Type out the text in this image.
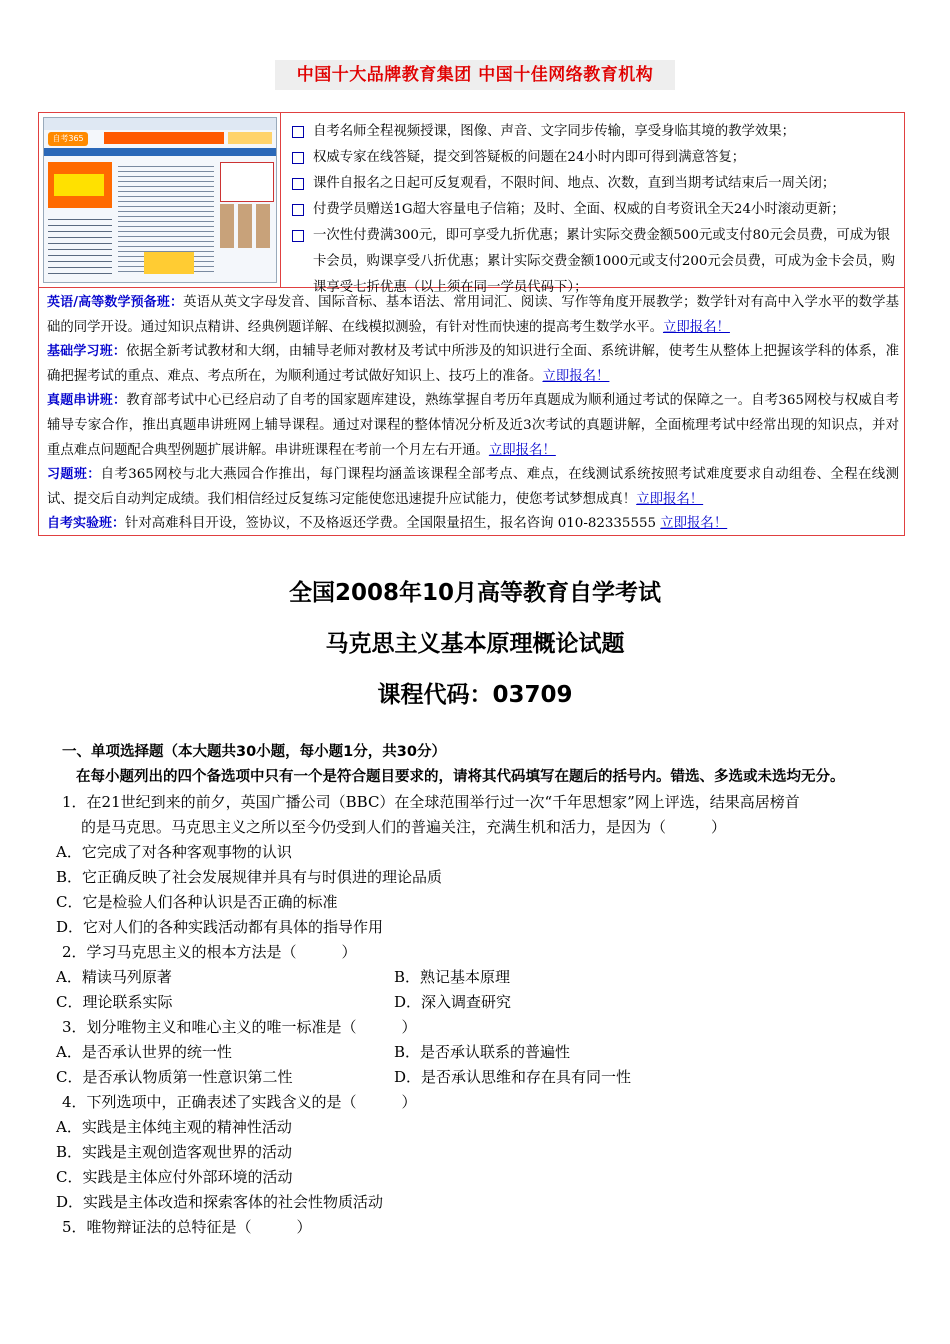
中国十大品牌教育集团 中国十佳网络教育机构
自考365	自考名师全程视频授课，图像、声音、文字同步传输，享受身临其境的教学效果；
权威专家在线答疑，提交到答疑板的问题在24小时内即可得到满意答复；
课件自报名之日起可反复观看，不限时间、地点、次数，直到当期考试结束后一周关闭；
付费学员赠送1G超大容量电子信箱；及时、全面、权威的自考资讯全天24小时滚动更新；
一次性付费满300元，即可享受九折优惠；累计实际交费金额500元或支付80元会员费，可成为银卡会员，购课享受八折优惠；累计实际交费金额1000元或支付200元会员费，可成为金卡会员，购课享受七折优惠（以上须在同一学员代码下）；

英语/高等数学预备班：英语从英文字母发音、国际音标、基本语法、常用词汇、阅读、写作等角度开展教学；数学针对有高中入学水平的数学基础的同学开设。通过知识点精讲、经典例题详解、在线模拟测验，有针对性而快速的提高考生数学水平。立即报名！

基础学习班：依据全新考试教材和大纲，由辅导老师对教材及考试中所涉及的知识进行全面、系统讲解，使考生从整体上把握该学科的体系，准确把握考试的重点、难点、考点所在，为顺利通过考试做好知识上、技巧上的准备。立即报名！

真题串讲班：教育部考试中心已经启动了自考的国家题库建设，熟练掌握自考历年真题成为顺利通过考试的保障之一。自考365网校与权威自考辅导专家合作，推出真题串讲班网上辅导课程。通过对课程的整体情况分析及近3次考试的真题讲解，全面梳理考试中经常出现的知识点，并对重点难点问题配合典型例题扩展讲解。串讲班课程在考前一个月左右开通。立即报名！

习题班：自考365网校与北大燕园合作推出，每门课程均涵盖该课程全部考点、难点，在线测试系统按照考试难度要求自动组卷、全程在线测试、提交后自动判定成绩。我们相信经过反复练习定能使您迅速提升应试能力，使您考试梦想成真！立即报名！

自考实验班：针对高难科目开设，签协议，不及格返还学费。全国限量招生，报名咨询 010-82335555 立即报名！

全国2008年10月高等教育自学考试
马克思主义基本原理概论试题
课程代码：03709

一、单项选择题（本大题共30小题，每小题1分，共30分）

在每小题列出的四个备选项中只有一个是符合题目要求的，请将其代码填写在题后的括号内。错选、多选或未选均无分。

1．在21世纪到来的前夕，英国广播公司（BBC）在全球范围举行过一次“千年思想家”网上评选，结果高居榜首

的是马克思。马克思主义之所以至今仍受到人们的普遍关注，充满生机和活力，是因为（　　　）

A．它完成了对各种客观事物的认识

B．它正确反映了社会发展规律并具有与时俱进的理论品质

C．它是检验人们各种认识是否正确的标准

D．它对人们的各种实践活动都有具体的指导作用

2．学习马克思主义的根本方法是（　　　）

A．精读马列原著	B．熟记基本原理
C．理论联系实际	D．深入调查研究

3．划分唯物主义和唯心主义的唯一标准是（　　　）

A．是否承认世界的统一性	B．是否承认联系的普遍性
C．是否承认物质第一性意识第二性	D．是否承认思维和存在具有同一性

4．下列选项中，正确表述了实践含义的是（　　　）

A．实践是主体纯主观的精神性活动

B．实践是主观创造客观世界的活动

C．实践是主体应付外部环境的活动

D．实践是主体改造和探索客体的社会性物质活动

5．唯物辩证法的总特征是（　　　）
